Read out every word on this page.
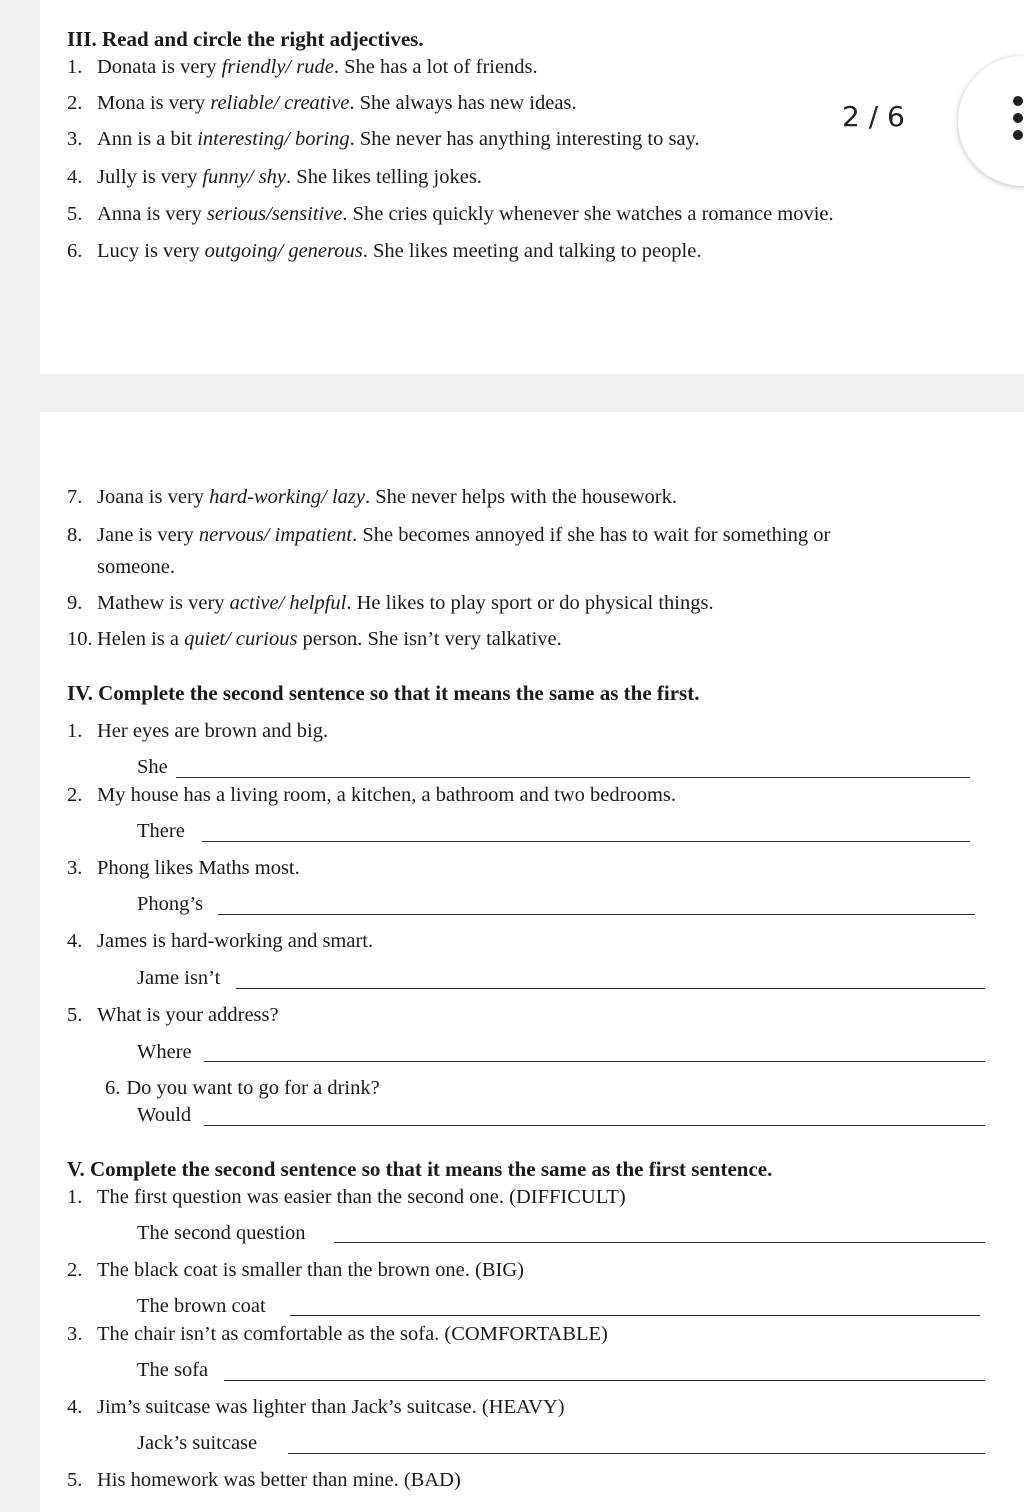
III. Read and circle the right adjectives.
1. Donata is very friendly/ rude. She has a lot of friends.
2. Mona is very reliable/ creative. She always has new ideas.
3. Ann is a bit interesting/ boring. She never has anything interesting to say.
4. Jully is very funny/ shy. She likes telling jokes.
5. Anna is very serious/sensitive. She cries quickly whenever she watches a romance movie.
6. Lucy is very outgoing/ generous. She likes meeting and talking to people.
2 / 6
7. Joana is very hard-working/ lazy. She never helps with the housework.
8. Jane is very nervous/ impatient. She becomes annoyed if she has to wait for something or
someone.
9. Mathew is very active/ helpful. He likes to play sport or do physical things.
10. Helen is a quiet/ curious person. She isn’t very talkative.
IV. Complete the second sentence so that it means the same as the first.
1. Her eyes are brown and big.
She
2. My house has a living room, a kitchen, a bathroom and two bedrooms.
There
3. Phong likes Maths most.
Phong’s
4. James is hard-working and smart.
Jame isn’t
5. What is your address?
Where
6. Do you want to go for a drink?
Would
V. Complete the second sentence so that it means the same as the first sentence.
1. The first question was easier than the second one. (DIFFICULT)
The second question
2. The black coat is smaller than the brown one. (BIG)
The brown coat
3. The chair isn’t as comfortable as the sofa. (COMFORTABLE)
The sofa
4. Jim’s suitcase was lighter than Jack’s suitcase. (HEAVY)
Jack’s suitcase
5. His homework was better than mine. (BAD)
